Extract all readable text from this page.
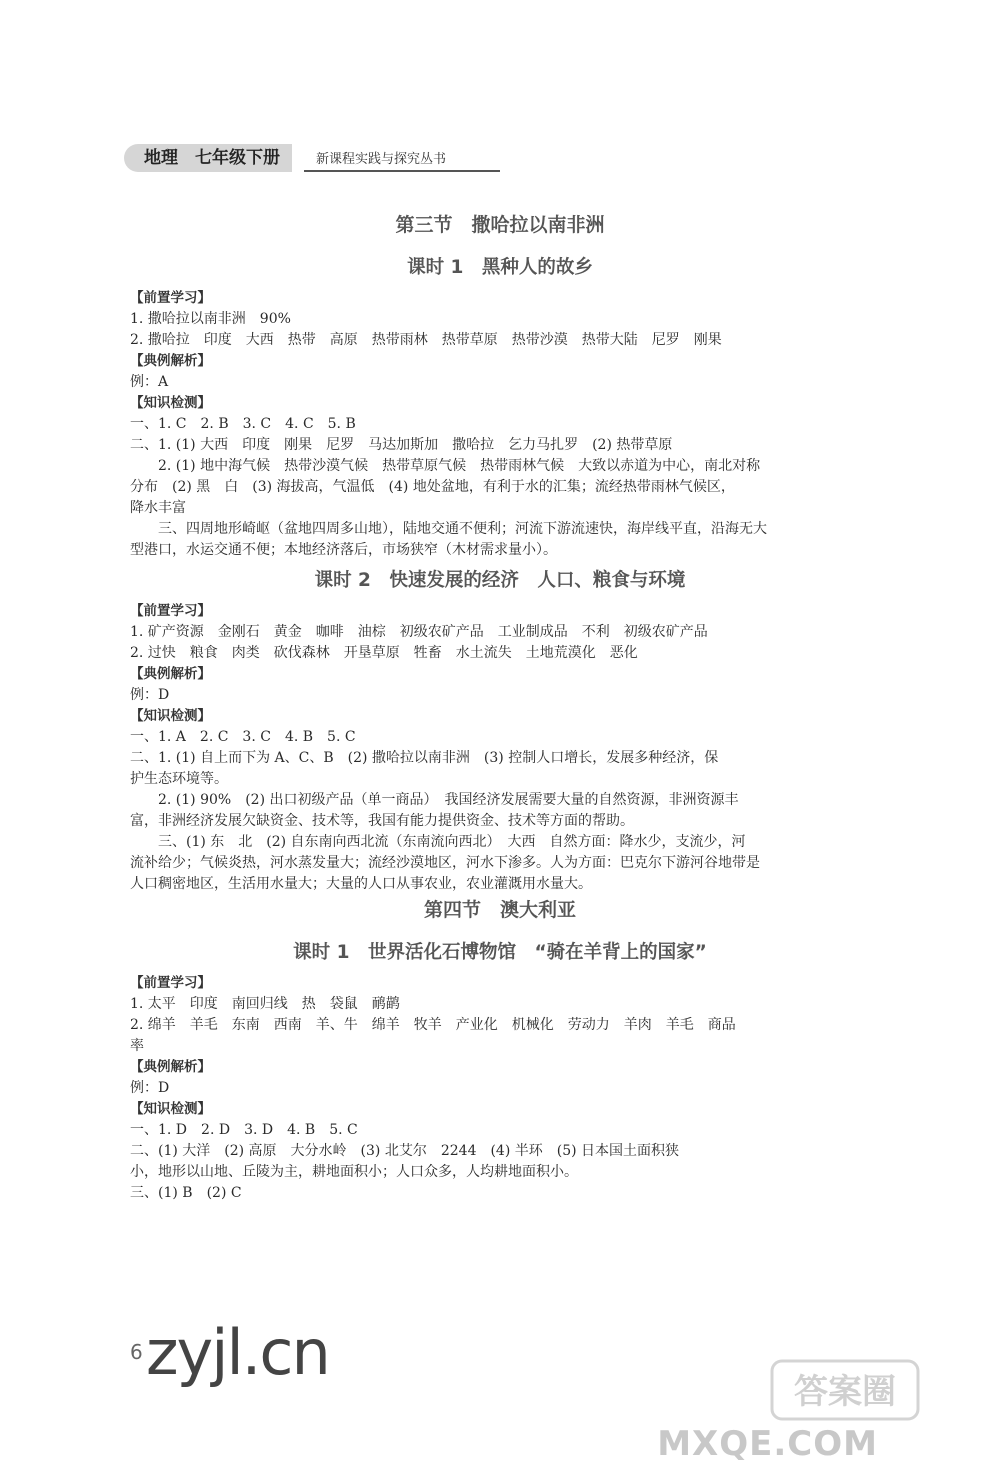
地理　七年级下册	新课程实践与探究丛书
第三节　撒哈拉以南非洲
课时 1　黑种人的故乡
【前置学习】
1. 撒哈拉以南非洲　90%
2. 撒哈拉　印度　大西　热带　高原　热带雨林　热带草原　热带沙漠　热带大陆　尼罗　刚果
【典例解析】
例：A
【知识检测】
一、1. C　2. B　3. C　4. C　5. B
二、1. (1) 大西　印度　刚果　尼罗　马达加斯加　撒哈拉　乞力马扎罗　(2) 热带草原
　　2. (1) 地中海气候　热带沙漠气候　热带草原气候　热带雨林气候　大致以赤道为中心，南北对称
分布　(2) 黑　白　(3) 海拔高，气温低　(4) 地处盆地，有利于水的汇集；流经热带雨林气候区，
降水丰富
　　三、四周地形崎岖（盆地四周多山地），陆地交通不便利；河流下游流速快，海岸线平直，沿海无大
型港口，水运交通不便；本地经济落后，市场狭窄（木材需求量小）。
课时 2　快速发展的经济　人口、粮食与环境
【前置学习】
1. 矿产资源　金刚石　黄金　咖啡　油棕　初级农矿产品　工业制成品　不利　初级农矿产品
2. 过快　粮食　肉类　砍伐森林　开垦草原　牲畜　水土流失　土地荒漠化　恶化
【典例解析】
例：D
【知识检测】
一、1. A　2. C　3. C　4. B　5. C
二、1. (1) 自上而下为 A、C、B　(2) 撒哈拉以南非洲　(3) 控制人口增长，发展多种经济，保
护生态环境等。
　　2. (1) 90%　(2) 出口初级产品（单一商品）　我国经济发展需要大量的自然资源，非洲资源丰
富，非洲经济发展欠缺资金、技术等，我国有能力提供资金、技术等方面的帮助。
　　三、(1) 东　北　(2) 自东南向西北流（东南流向西北）　大西　自然方面：降水少，支流少，河
流补给少；气候炎热，河水蒸发量大；流经沙漠地区，河水下渗多。人为方面：巴克尔下游河谷地带是
人口稠密地区，生活用水量大；大量的人口从事农业，农业灌溉用水量大。
第四节　澳大利亚
课时 1　世界活化石博物馆　“骑在羊背上的国家”
【前置学习】
1. 太平　印度　南回归线　热　袋鼠　鸸鹋
2. 绵羊　羊毛　东南　西南　羊、牛　绵羊　牧羊　产业化　机械化　劳动力　羊肉　羊毛　商品
率
【典例解析】
例：D
【知识检测】
一、1. D　2. D　3. D　4. B　5. C
二、(1) 大洋　(2) 高原　大分水岭　(3) 北艾尔　2244　(4) 半环　(5) 日本国土面积狭
小，地形以山地、丘陵为主，耕地面积小；人口众多，人均耕地面积小。
三、(1) B　(2) C
6 zyjl.cn
答案圈
MXQE.COM
